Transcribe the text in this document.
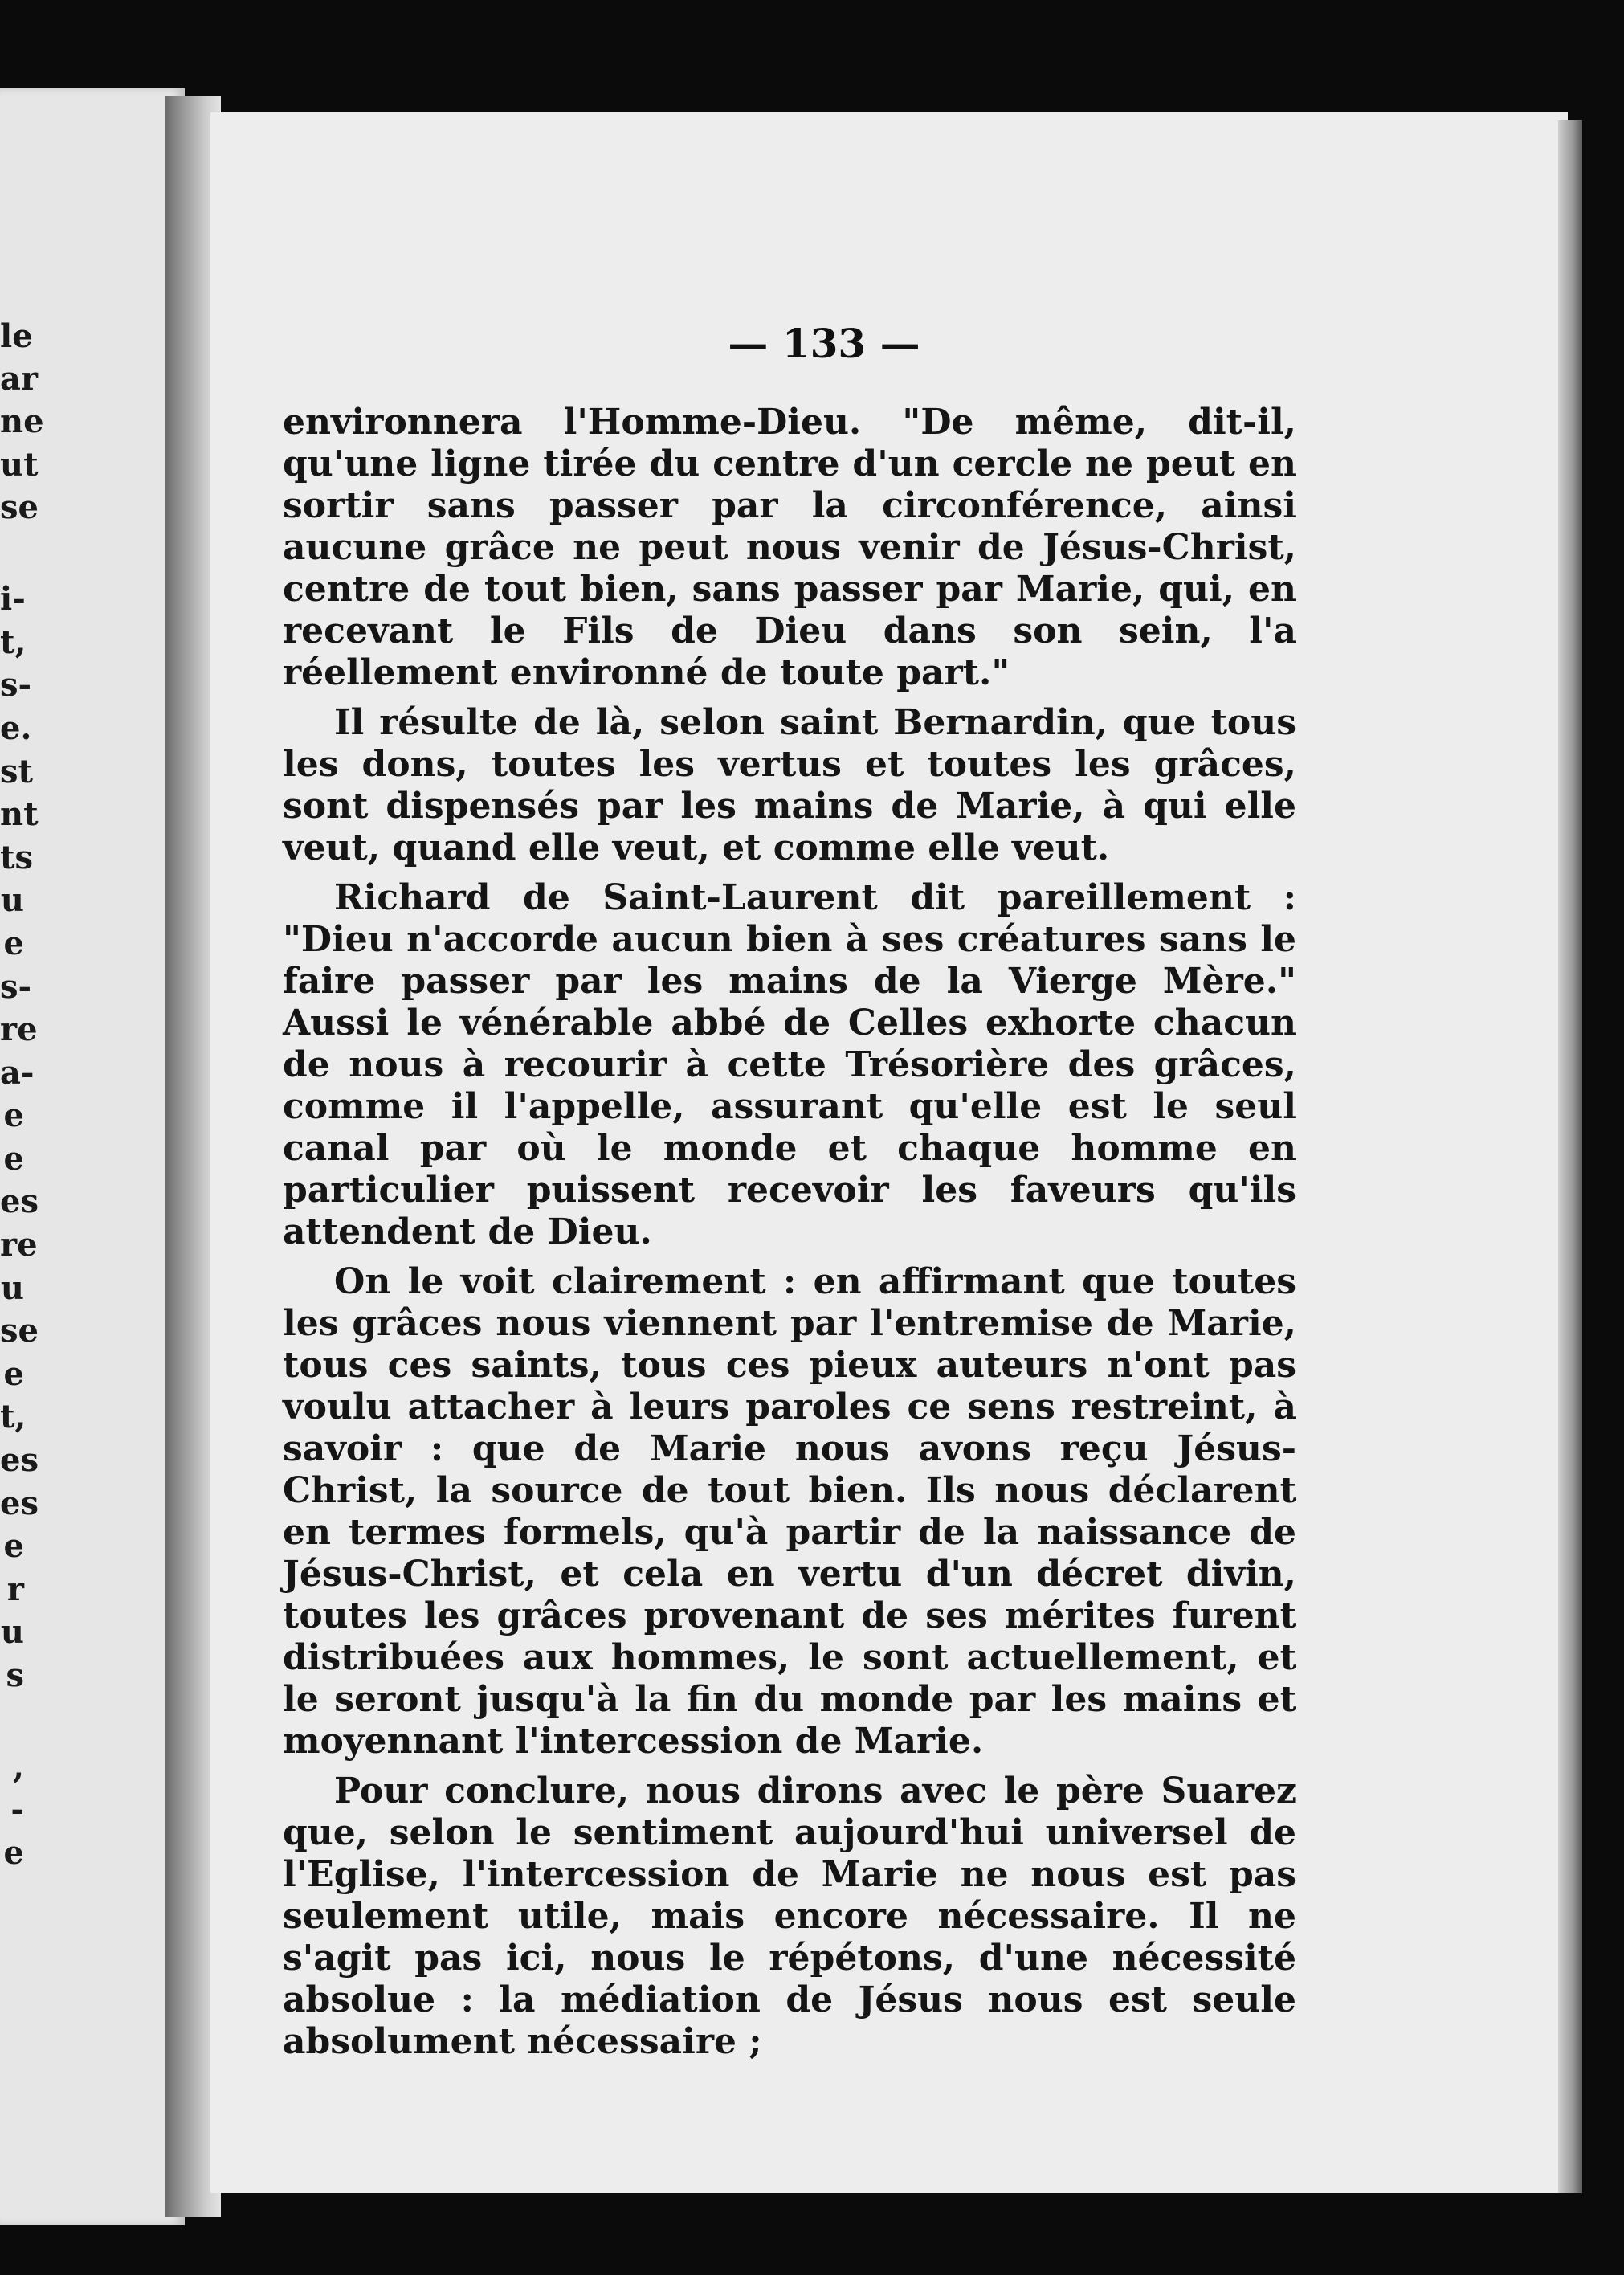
le
ar
ne
ut
se
i-
t,
s-
e.
st
nt
ts
u
e
s-
re
a-
e
e
es
re
u
se
e
t,
es
es
e
r
u
s
,
-
e
— 133 —

environnera l'Homme-Dieu. "De même, dit-il, qu'une ligne tirée du centre d'un cercle ne peut en sortir sans passer par la circonférence, ainsi aucune grâce ne peut nous venir de Jésus-Christ, centre de tout bien, sans passer par Marie, qui, en recevant le Fils de Dieu dans son sein, l'a réellement environné de toute part."

Il résulte de là, selon saint Bernardin, que tous les dons, toutes les vertus et toutes les grâces, sont dispensés par les mains de Marie, à qui elle veut, quand elle veut, et comme elle veut.

Richard de Saint-Laurent dit pareillement : "Dieu n'accorde aucun bien à ses créatures sans le faire passer par les mains de la Vierge Mère." Aussi le vénérable abbé de Celles exhorte chacun de nous à recourir à cette Trésorière des grâces, comme il l'appelle, assurant qu'elle est le seul canal par où le monde et chaque homme en particulier puissent recevoir les faveurs qu'ils attendent de Dieu.

On le voit clairement : en affirmant que toutes les grâces nous viennent par l'entremise de Marie, tous ces saints, tous ces pieux auteurs n'ont pas voulu attacher à leurs paroles ce sens restreint, à savoir : que de Marie nous avons reçu Jésus-Christ, la source de tout bien. Ils nous déclarent en termes formels, qu'à partir de la naissance de Jésus-Christ, et cela en vertu d'un décret divin, toutes les grâces provenant de ses mérites furent distribuées aux hommes, le sont actuellement, et le seront jusqu'à la fin du monde par les mains et moyennant l'intercession de Marie.

Pour conclure, nous dirons avec le père Suarez que, selon le sentiment aujourd'hui universel de l'Eglise, l'intercession de Marie ne nous est pas seulement utile, mais encore nécessaire. Il ne s'agit pas ici, nous le répétons, d'une nécessité absolue : la médiation de Jésus nous est seule absolument nécessaire ;
